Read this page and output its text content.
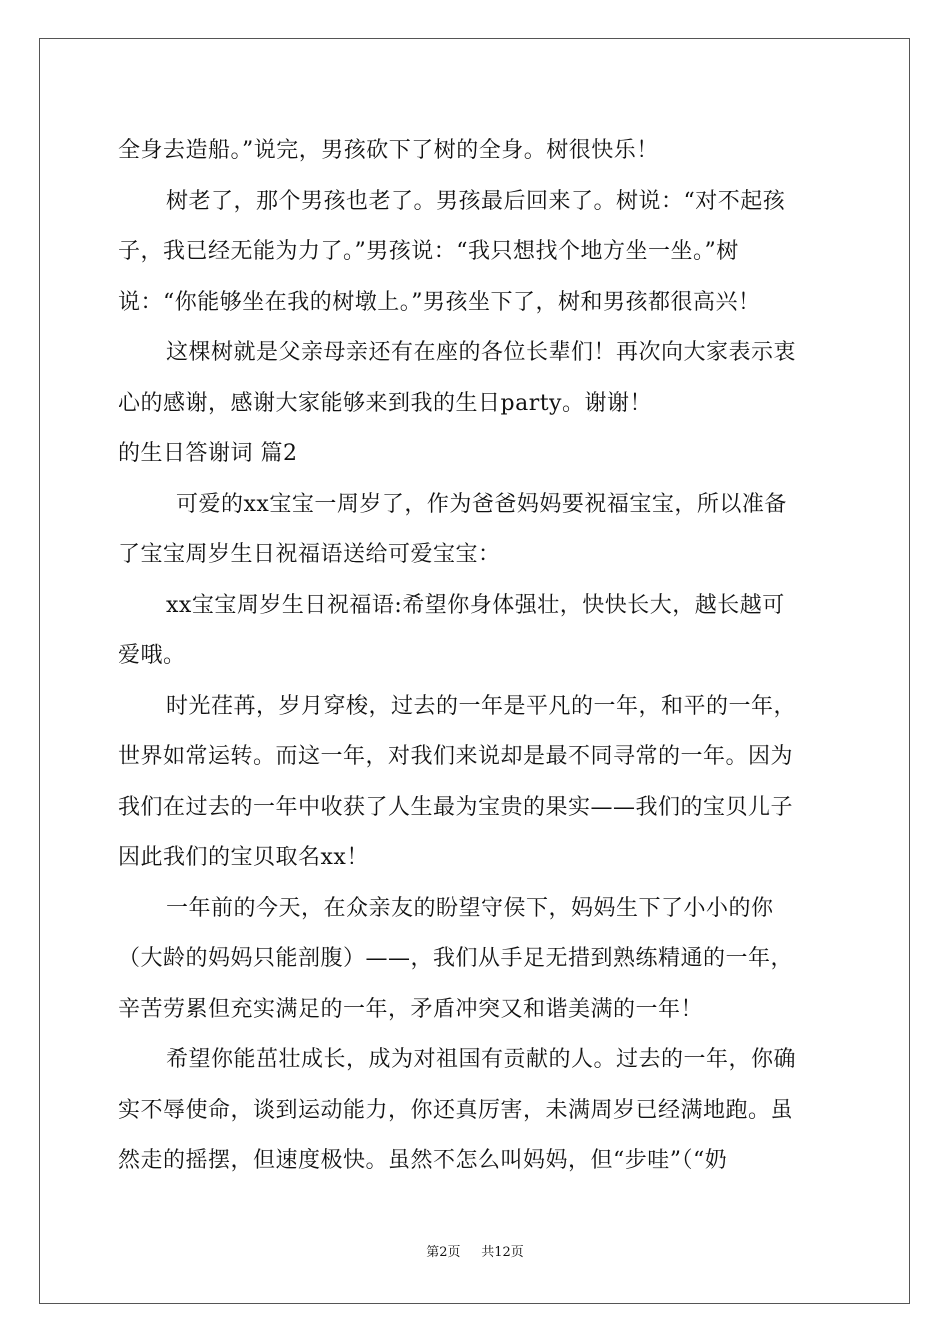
全身去造船。”说完，男孩砍下了树的全身。树很快乐！
树老了，那个男孩也老了。男孩最后回来了。树说：“对不起孩
子，我已经无能为力了。”男孩说：“我只想找个地方坐一坐。”树
说：“你能够坐在我的树墩上。”男孩坐下了，树和男孩都很高兴！
这棵树就是父亲母亲还有在座的各位长辈们！再次向大家表示衷
心的感谢，感谢大家能够来到我的生日party。谢谢！
的生日答谢词 篇2
可爱的xx宝宝一周岁了，作为爸爸妈妈要祝福宝宝，所以准备
了宝宝周岁生日祝福语送给可爱宝宝：
xx宝宝周岁生日祝福语:希望你身体强壮，快快长大，越长越可
爱哦。
时光荏苒，岁月穿梭，过去的一年是平凡的一年，和平的一年，
世界如常运转。而这一年，对我们来说却是最不同寻常的一年。因为
我们在过去的一年中收获了人生最为宝贵的果实——我们的宝贝儿子
因此我们的宝贝取名xx！
一年前的今天，在众亲友的盼望守侯下，妈妈生下了小小的你
（大龄的妈妈只能剖腹）——，我们从手足无措到熟练精通的一年，
辛苦劳累但充实满足的一年，矛盾冲突又和谐美满的一年！
希望你能茁壮成长，成为对祖国有贡献的人。过去的一年，你确
实不辱使命，谈到运动能力，你还真厉害，未满周岁已经满地跑。虽
然走的摇摆，但速度极快。虽然不怎么叫妈妈，但“步哇”（“奶
第2页 共12页
